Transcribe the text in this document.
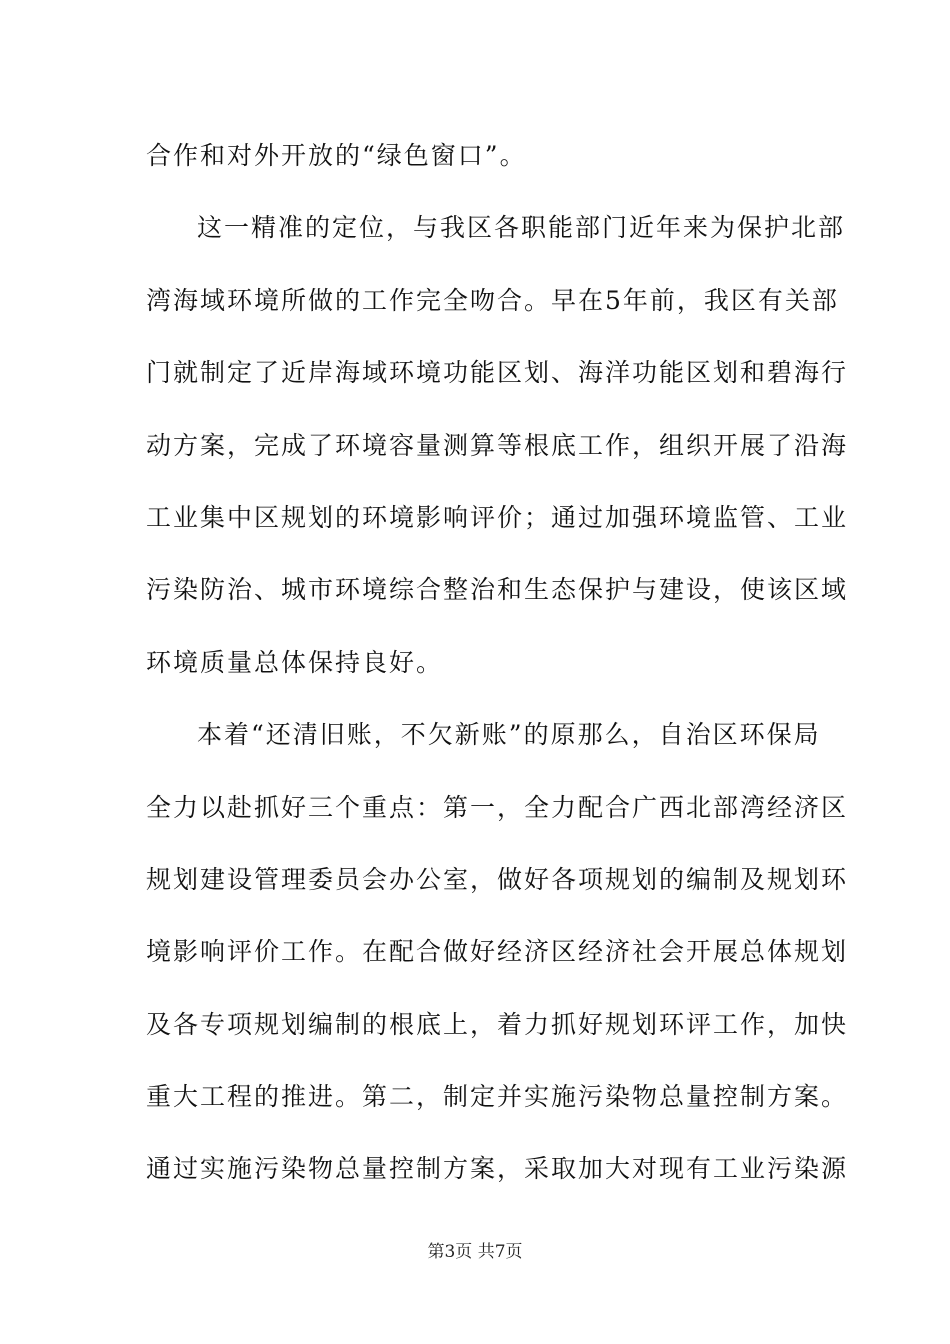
合作和对外开放的“绿色窗口”。
这一精准的定位，与我区各职能部门近年来为保护北部
湾海域环境所做的工作完全吻合。早在5年前，我区有关部
门就制定了近岸海域环境功能区划、海洋功能区划和碧海行
动方案，完成了环境容量测算等根底工作，组织开展了沿海
工业集中区规划的环境影响评价；通过加强环境监管、工业
污染防治、城市环境综合整治和生态保护与建设，使该区域
环境质量总体保持良好。
本着“还清旧账，不欠新账”的原那么，自治区环保局
全力以赴抓好三个重点：第一，全力配合广西北部湾经济区
规划建设管理委员会办公室，做好各项规划的编制及规划环
境影响评价工作。在配合做好经济区经济社会开展总体规划
及各专项规划编制的根底上，着力抓好规划环评工作，加快
重大工程的推进。第二，制定并实施污染物总量控制方案。
通过实施污染物总量控制方案，采取加大对现有工业污染源
第3页 共7页
